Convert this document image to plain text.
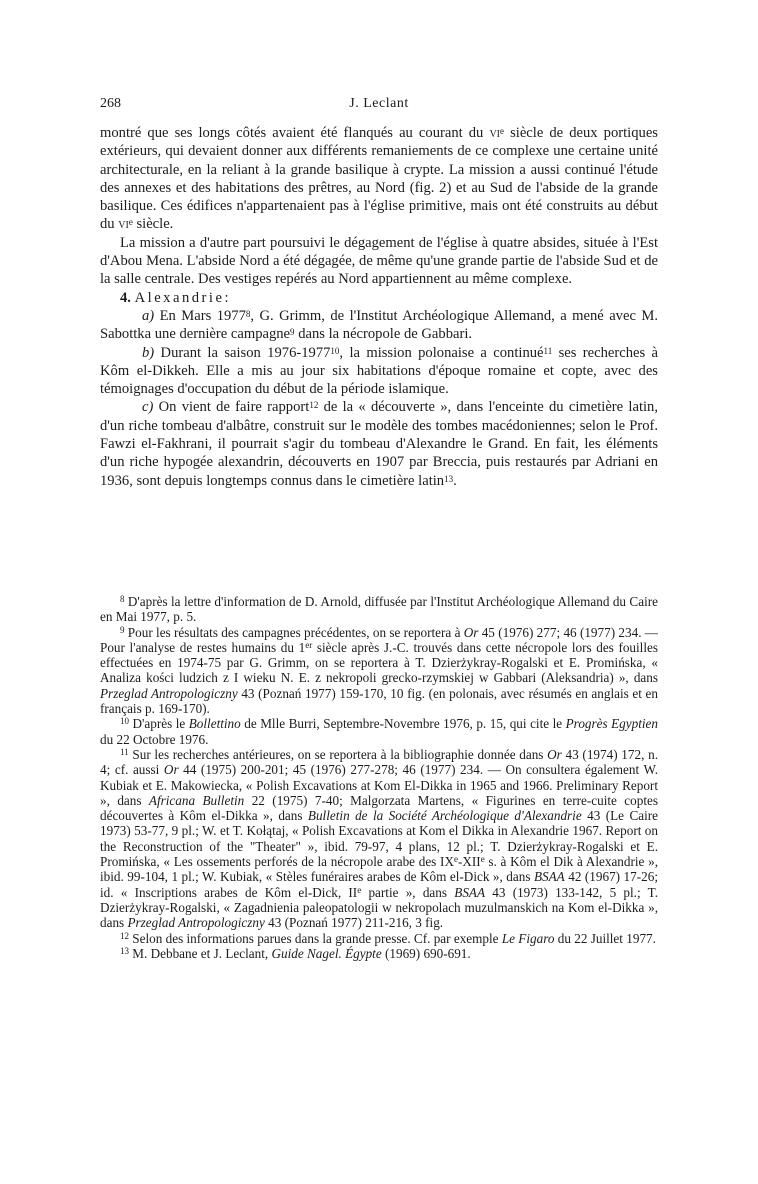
268	J. Leclant

montré que ses longs côtés avaient été flanqués au courant du $vi^e$ siècle de deux portiques extérieurs, qui devaient donner aux différents remaniements de ce complexe une certaine unité architecturale, en la reliant à la grande basilique à crypte. La mission a aussi continué l'étude des annexes et des habitations des prêtres, au Nord (fig. 2) et au Sud de l'abside de la grande basilique. Ces édifices n'appartenaient pas à l'église primitive, mais ont été construits au début du $vi^e$ siècle.

La mission a d'autre part poursuivi le dégagement de l'église à quatre absides, située à l'Est d'Abou Mena. L'abside Nord a été dégagée, de même qu'une grande partie de l'abside Sud et de la salle centrale. Des vestiges repérés au Nord appartiennent au même complexe.

4. Alexandrie:

a) En Mars 1977$^8$, G. Grimm, de l'Institut Archéologique Allemand, a mené avec M. Sabottka une dernière campagne$^9$ dans la nécropole de Gabbari.

b) Durant la saison 1976-1977$^{10}$, la mission polonaise a continué$^{11}$ ses recherches à Kôm el-Dikkeh. Elle a mis au jour six habitations d'époque romaine et copte, avec des témoignages d'occupation du début de la période islamique.

c) On vient de faire rapport$^{12}$ de la « découverte », dans l'enceinte du cimetière latin, d'un riche tombeau d'albâtre, construit sur le modèle des tombes macédoniennes; selon le Prof. Fawzi el-Fakhrani, il pourrait s'agir du tombeau d'Alexandre le Grand. En fait, les éléments d'un riche hypogée alexandrin, découverts en 1907 par Breccia, puis restaurés par Adriani en 1936, sont depuis longtemps connus dans le cimetière latin$^{13}$.

$^8$ D'après la lettre d'information de D. Arnold, diffusée par l'Institut Archéologique Allemand du Caire en Mai 1977, p. 5.

$^9$ Pour les résultats des campagnes précédentes, on se reportera à Or 45 (1976) 277; 46 (1977) 234. — Pour l'analyse de restes humains du 1er siècle après J.-C. trouvés dans cette nécropole lors des fouilles effectuées en 1974-75 par G. Grimm, on se reportera à T. Dzierżykray-Rogalski et E. Promińska, « Analiza kości ludzich z I wieku N. E. z nekropoli grecko-rzymskiej w Gabbari (Aleksandria) », dans Przeglad Antropologiczny 43 (Poznań 1977) 159-170, 10 fig. (en polonais, avec résumés en anglais et en français p. 169-170).

$^{10}$ D'après le Bollettino de Mlle Burri, Septembre-Novembre 1976, p. 15, qui cite le Progrès Egyptien du 22 Octobre 1976.

$^{11}$ Sur les recherches antérieures, on se reportera à la bibliographie donnée dans Or 43 (1974) 172, n. 4; cf. aussi Or 44 (1975) 200-201; 45 (1976) 277-278; 46 (1977) 234. — On consultera également W. Kubiak et E. Makowiecka, « Polish Excavations at Kom El-Dikka in 1965 and 1966. Preliminary Report », dans Africana Bulletin 22 (1975) 7-40; Malgorzata Martens, « Figurines en terre-cuite coptes découvertes à Kôm el-Dikka », dans Bulletin de la Société Archéologique d'Alexandrie 43 (Le Caire 1973) 53-77, 9 pl.; W. et T. Kołątaj, « Polish Excavations at Kom el Dikka in Alexandrie 1967. Report on the Reconstruction of the "Theater" », ibid. 79-97, 4 plans, 12 pl.; T. Dzierżykray-Rogalski et E. Promińska, « Les ossements perforés de la nécropole arabe des IXe-XIIe s. à Kôm el Dik à Alexandrie », ibid. 99-104, 1 pl.; W. Kubiak, « Stèles funéraires arabes de Kôm el-Dick », dans BSAA 42 (1967) 17-26; id. « Inscriptions arabes de Kôm el-Dick, IIe partie », dans BSAA 43 (1973) 133-142, 5 pl.; T. Dzierżykray-Rogalski, « Zagadnienia paleopatologii w nekropolach muzulmanskich na Kom el-Dikka », dans Przeglad Antropologiczny 43 (Poznań 1977) 211-216, 3 fig.

$^{12}$ Selon des informations parues dans la grande presse. Cf. par exemple Le Figaro du 22 Juillet 1977.

$^{13}$ M. Debbane et J. Leclant, Guide Nagel. Égypte (1969) 690-691.
